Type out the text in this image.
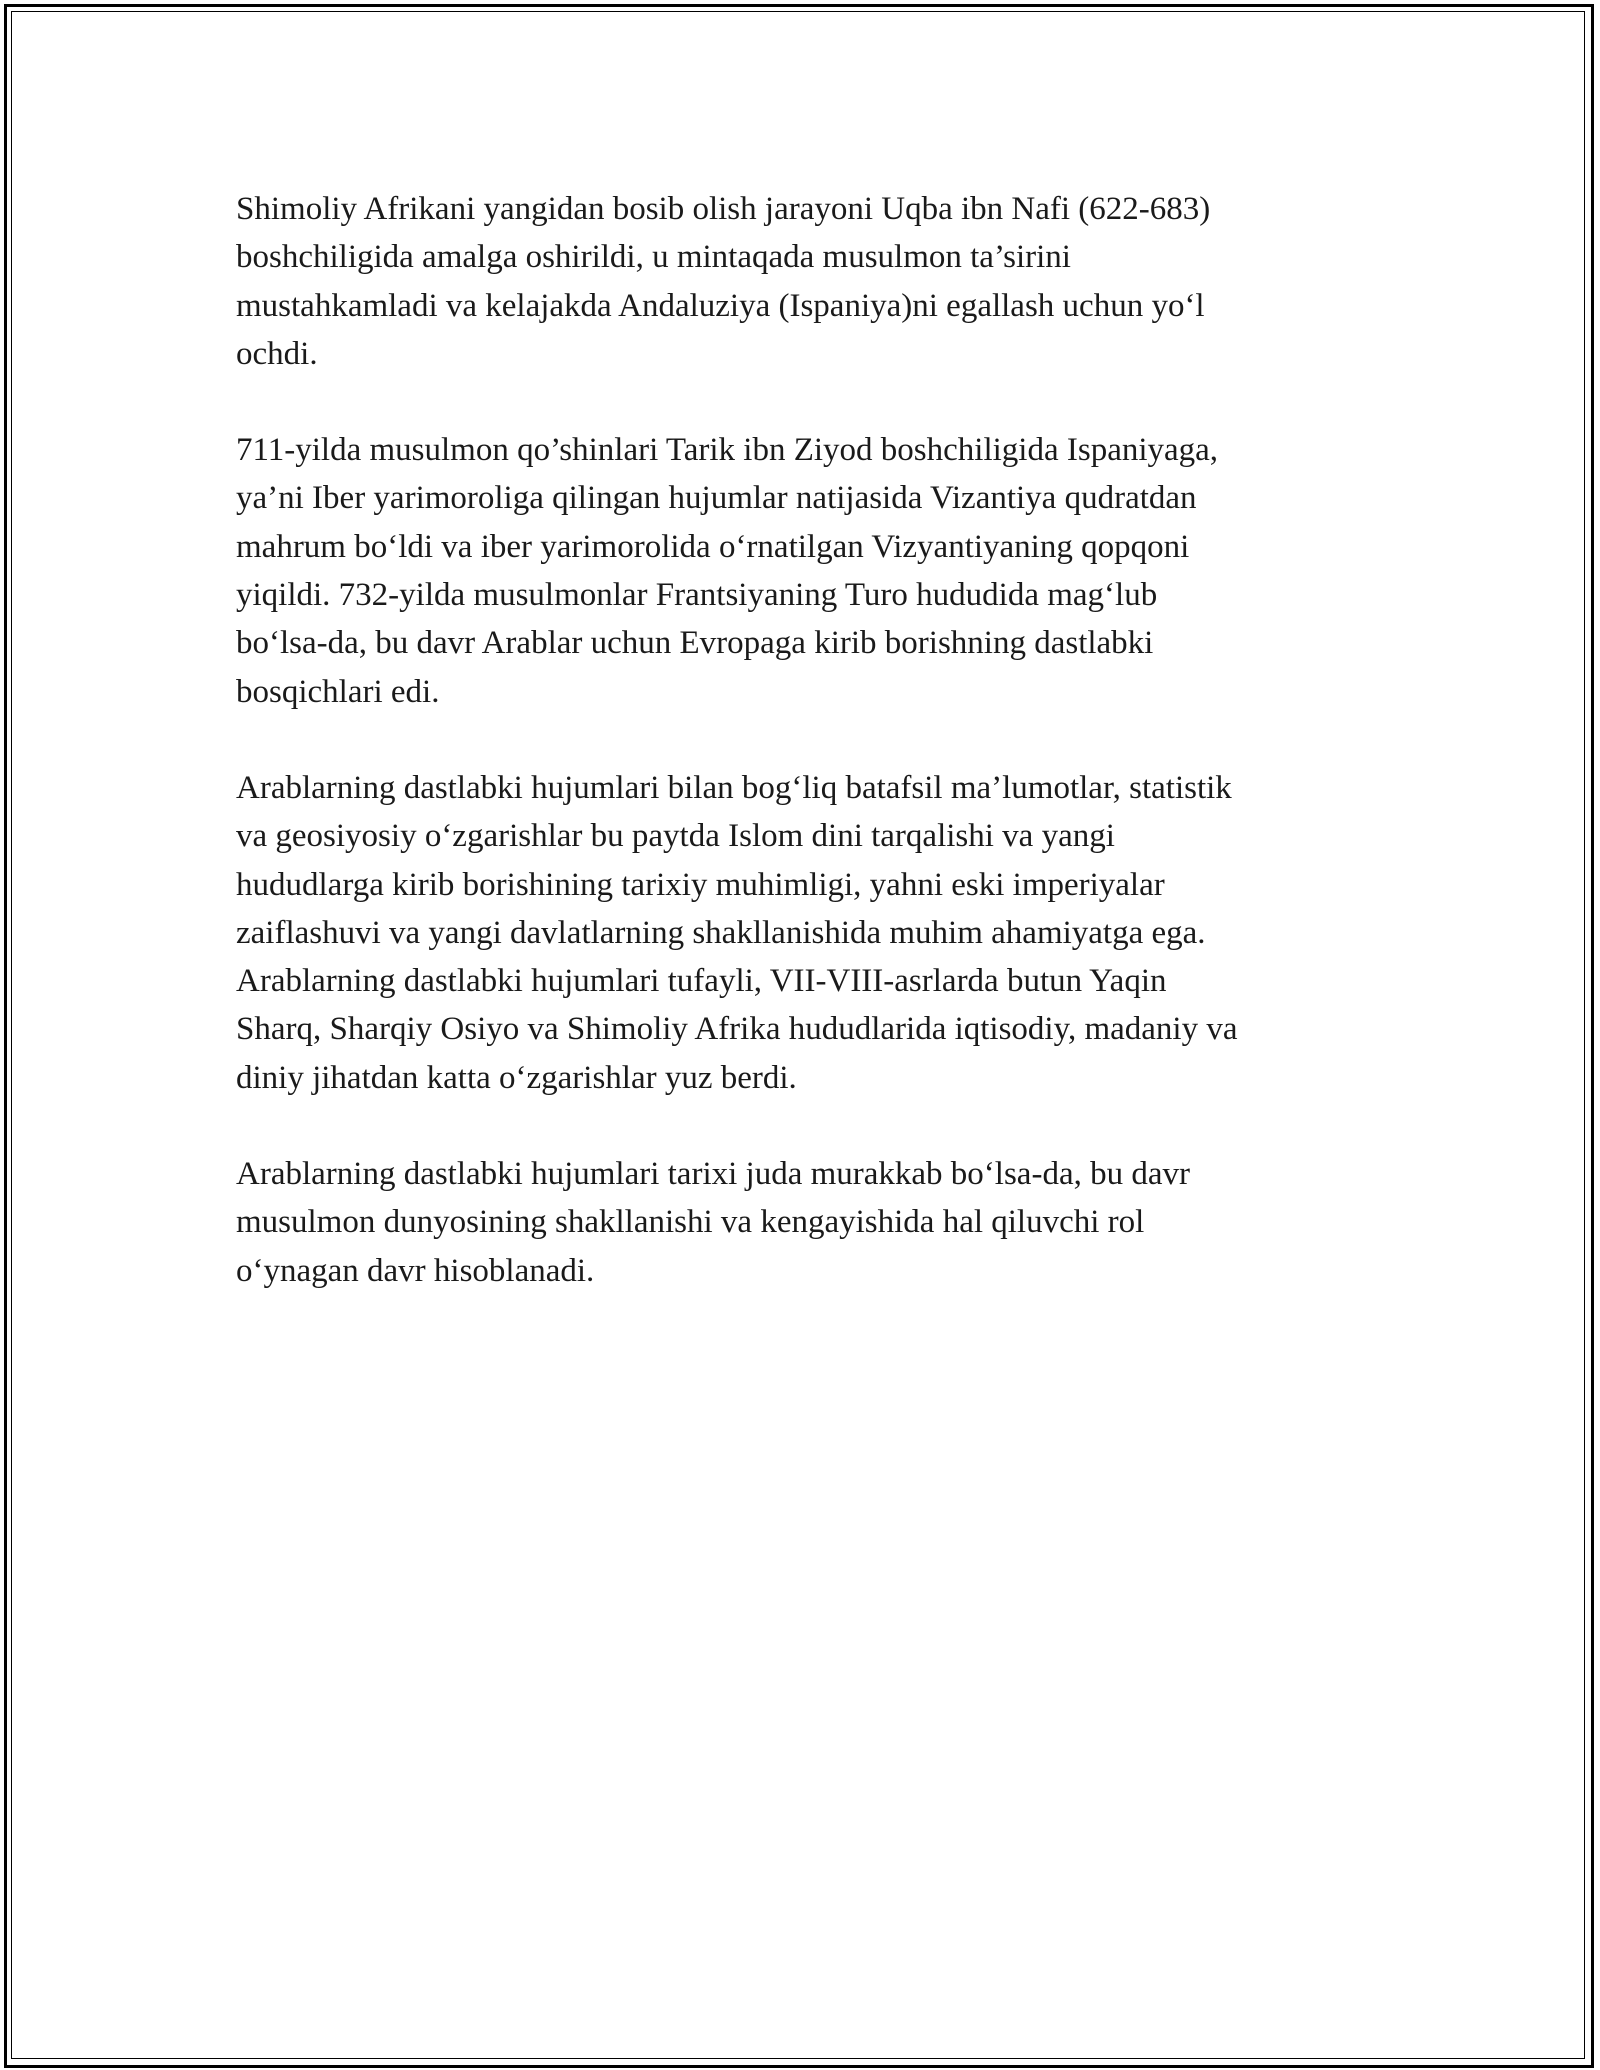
Shimoliy Afrikani yangidan bosib olish jarayoni Uqba ibn Nafi (622-683)
boshchiligida amalga oshirildi, u mintaqada musulmon ta’sirini
mustahkamladi va kelajakda Andaluziya (Ispaniya)ni egallash uchun yo‘l
ochdi.

711-yilda musulmon qo’shinlari Tarik ibn Ziyod boshchiligida Ispaniyaga,
ya’ni Iber yarimoroliga qilingan hujumlar natijasida Vizantiya qudratdan
mahrum bo‘ldi va iber yarimorolida o‘rnatilgan Vizyantiyaning qopqoni
yiqildi. 732-yilda musulmonlar Frantsiyaning Turo hududida mag‘lub
bo‘lsa-da, bu davr Arablar uchun Evropaga kirib borishning dastlabki
bosqichlari edi.

Arablarning dastlabki hujumlari bilan bog‘liq batafsil ma’lumotlar, statistik
va geosiyosiy o‘zgarishlar bu paytda Islom dini tarqalishi va yangi
hududlarga kirib borishining tarixiy muhimligi, yahni eski imperiyalar
zaiflashuvi va yangi davlatlarning shakllanishida muhim ahamiyatga ega.
Arablarning dastlabki hujumlari tufayli, VII-VIII-asrlarda butun Yaqin
Sharq, Sharqiy Osiyo va Shimoliy Afrika hududlarida iqtisodiy, madaniy va
diniy jihatdan katta o‘zgarishlar yuz berdi.

Arablarning dastlabki hujumlari tarixi juda murakkab bo‘lsa-da, bu davr
musulmon dunyosining shakllanishi va kengayishida hal qiluvchi rol
o‘ynagan davr hisoblanadi.
